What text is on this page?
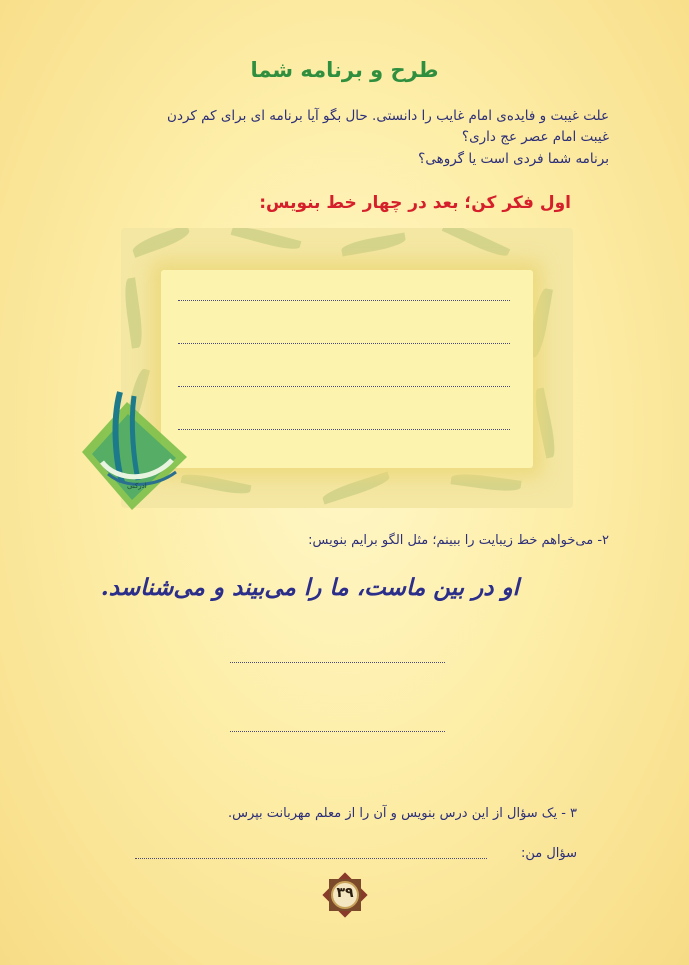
طرح و برنامه شما
علت غیبت و فایده‌ی امام غایب را دانستی. حال بگو آیا برنامه ای برای کم کردن
غیبت امام عصر عج داری؟
برنامه شما فردی است یا گروهی؟
اول فکر کن؛ بعد در چهار خط بنویس:
ادرکنی
۲- می‌خواهم خط زیبایت را ببینم؛ مثل الگو برایم بنویس:
او در بین ماست، ما را می‌بیند و می‌شناسد.
۳ - یک سؤال از این درس بنویس و آن را از معلم مهربانت بپرس.
سؤال من:
۳۹
